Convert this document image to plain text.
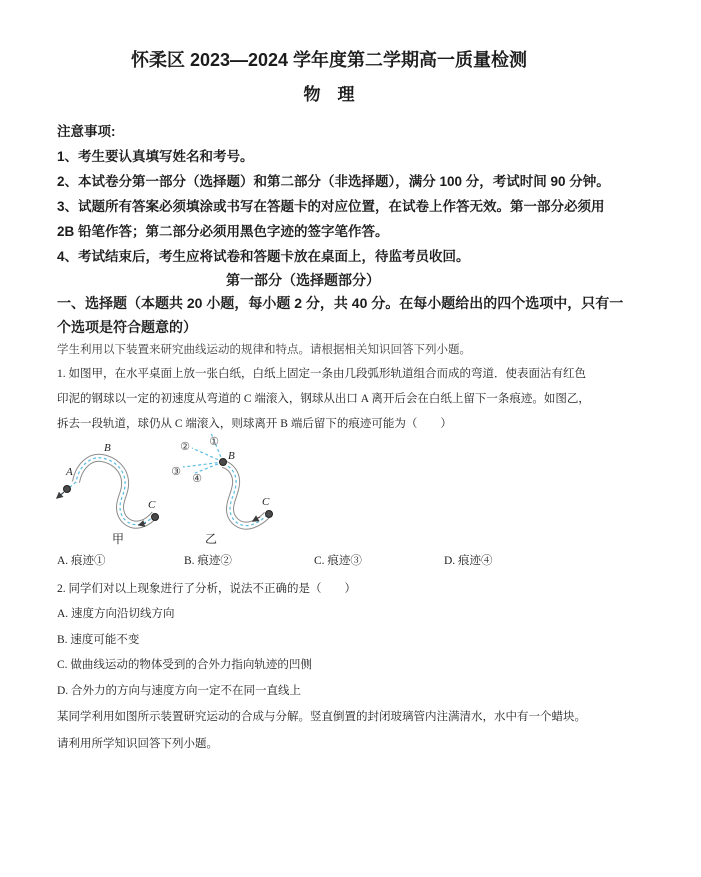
怀柔区 2023—2024 学年度第二学期高一质量检测
物　理
注意事项:
1、考生要认真填写姓名和考号。
2、本试卷分第一部分（选择题）和第二部分（非选择题），满分 100 分，考试时间 90 分钟。
3、试题所有答案必须填涂或书写在答题卡的对应位置，在试卷上作答无效。第一部分必须用
2B 铅笔作答；第二部分必须用黑色字迹的签字笔作答。
4、考试结束后，考生应将试卷和答题卡放在桌面上，待监考员收回。
第一部分（选择题部分）
一、选择题（本题共 20 小题，每小题 2 分，共 40 分。在每小题给出的四个选项中，只有一
个选项是符合题意的）
学生利用以下装置来研究曲线运动的规律和特点。请根据相关知识回答下列小题。
1. 如图甲，在水平桌面上放一张白纸，白纸上固定一条由几段弧形轨道组合而成的弯道．使表面沾有红色
印泥的钢球以一定的初速度从弯道的 C 端滚入，钢球从出口 A 离开后会在白纸上留下一条痕迹。如图乙，
拆去一段轨道，球仍从 C 端滚入，则球离开 B 端后留下的痕迹可能为（　　）
A
B
C
甲
①
②
③
④
B
C
乙
A. 痕迹①	B. 痕迹②	C. 痕迹③	D. 痕迹④
2. 同学们对以上现象进行了分析，说法不正确的是（　　）
A. 速度方向沿切线方向
B. 速度可能不变
C. 做曲线运动的物体受到的合外力指向轨迹的凹侧
D. 合外力的方向与速度方向一定不在同一直线上
某同学利用如图所示装置研究运动的合成与分解。竖直倒置的封闭玻璃管内注满清水，水中有一个蜡块。
请利用所学知识回答下列小题。
